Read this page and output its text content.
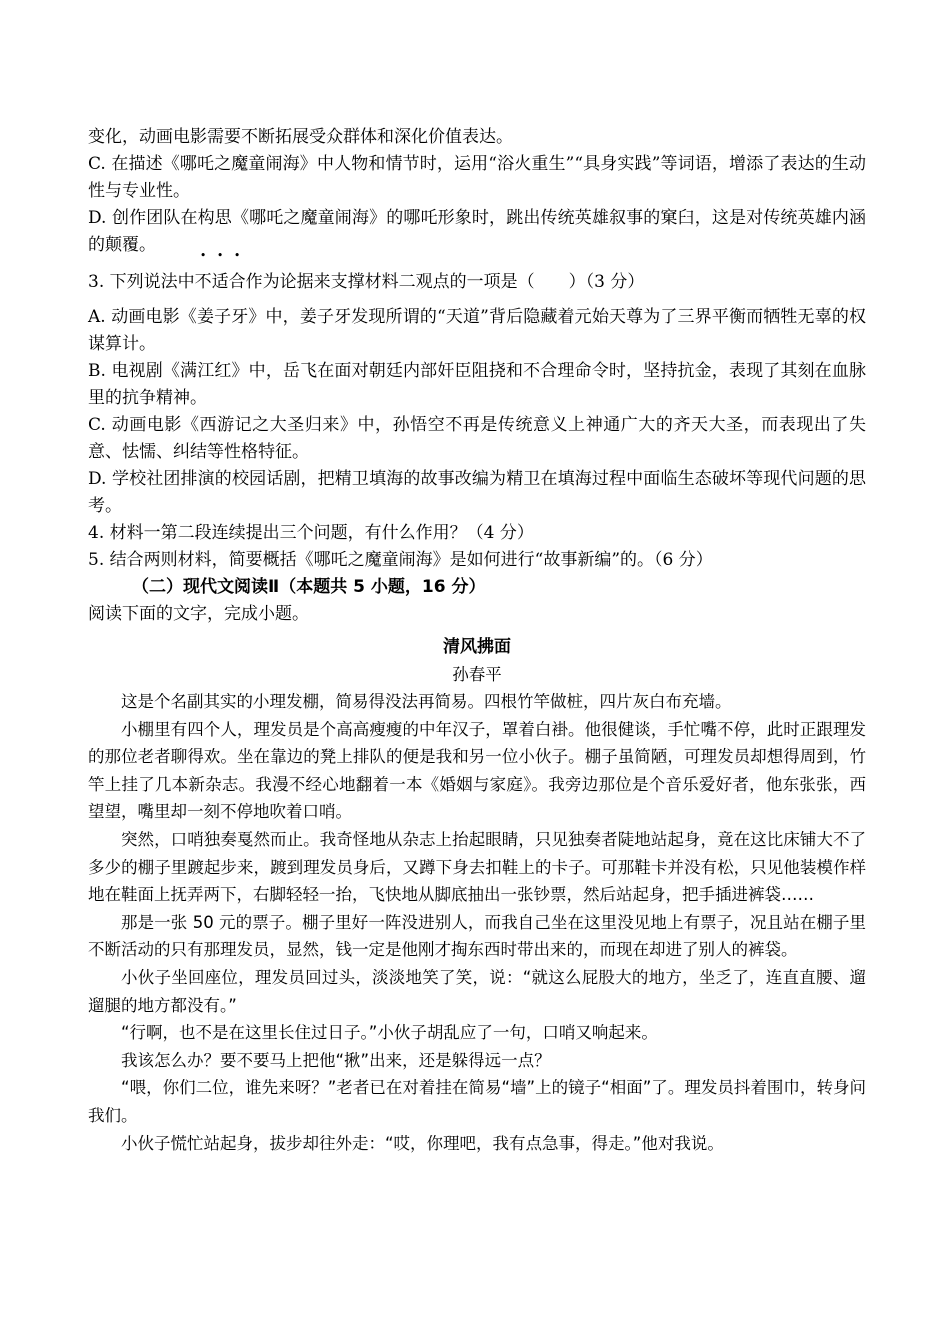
变化，动画电影需要不断拓展受众群体和深化价值表达。

C. 在描述《哪吒之魔童闹海》中人物和情节时，运用“浴火重生”“具身实践”等词语，增添了表达的生动性与专业性。

D. 创作团队在构思《哪吒之魔童闹海》的哪吒形象时，跳出传统英雄叙事的窠臼，这是对传统英雄内涵的颠覆。

3. 下列说法中不适合作为论据来支撑材料二观点的一项是（　　）（3 分）

A. 动画电影《姜子牙》中，姜子牙发现所谓的“天道”背后隐藏着元始天尊为了三界平衡而牺牲无辜的权谋算计。

B. 电视剧《满江红》中，岳飞在面对朝廷内部奸臣阻挠和不合理命令时，坚持抗金，表现了其刻在血脉里的抗争精神。

C. 动画电影《西游记之大圣归来》中，孙悟空不再是传统意义上神通广大的齐天大圣，而表现出了失意、怯懦、纠结等性格特征。

D. 学校社团排演的校园话剧，把精卫填海的故事改编为精卫在填海过程中面临生态破坏等现代问题的思考。

4. 材料一第二段连续提出三个问题，有什么作用？（4 分）

5. 结合两则材料，简要概括《哪吒之魔童闹海》是如何进行“故事新编”的。（6 分）

（二）现代文阅读Ⅱ（本题共 5 小题，16 分）

阅读下面的文字，完成小题。

清风拂面

孙春平

这是个名副其实的小理发棚，简易得没法再简易。四根竹竿做桩，四片灰白布充墙。

小棚里有四个人，理发员是个高高瘦瘦的中年汉子，罩着白褂。他很健谈，手忙嘴不停，此时正跟理发的那位老者聊得欢。坐在靠边的凳上排队的便是我和另一位小伙子。棚子虽简陋，可理发员却想得周到，竹竿上挂了几本新杂志。我漫不经心地翻着一本《婚姻与家庭》。我旁边那位是个音乐爱好者，他东张张，西望望，嘴里却一刻不停地吹着口哨。

突然，口哨独奏戛然而止。我奇怪地从杂志上抬起眼睛，只见独奏者陡地站起身，竟在这比床铺大不了多少的棚子里踱起步来，踱到理发员身后，又蹲下身去扣鞋上的卡子。可那鞋卡并没有松，只见他装模作样地在鞋面上抚弄两下，右脚轻轻一抬，飞快地从脚底抽出一张钞票，然后站起身，把手插进裤袋……

那是一张 50 元的票子。棚子里好一阵没进别人，而我自己坐在这里没见地上有票子，况且站在棚子里不断活动的只有那理发员，显然，钱一定是他刚才掏东西时带出来的，而现在却进了别人的裤袋。

小伙子坐回座位，理发员回过头，淡淡地笑了笑，说：“就这么屁股大的地方，坐乏了，连直直腰、遛遛腿的地方都没有。”

“行啊，也不是在这里长住过日子。”小伙子胡乱应了一句，口哨又响起来。

我该怎么办？要不要马上把他“揪”出来，还是躲得远一点？

“喂，你们二位，谁先来呀？”老者已在对着挂在简易“墙”上的镜子“相面”了。理发员抖着围巾，转身问我们。

小伙子慌忙站起身，拔步却往外走：“哎，你理吧，我有点急事，得走。”他对我说。
